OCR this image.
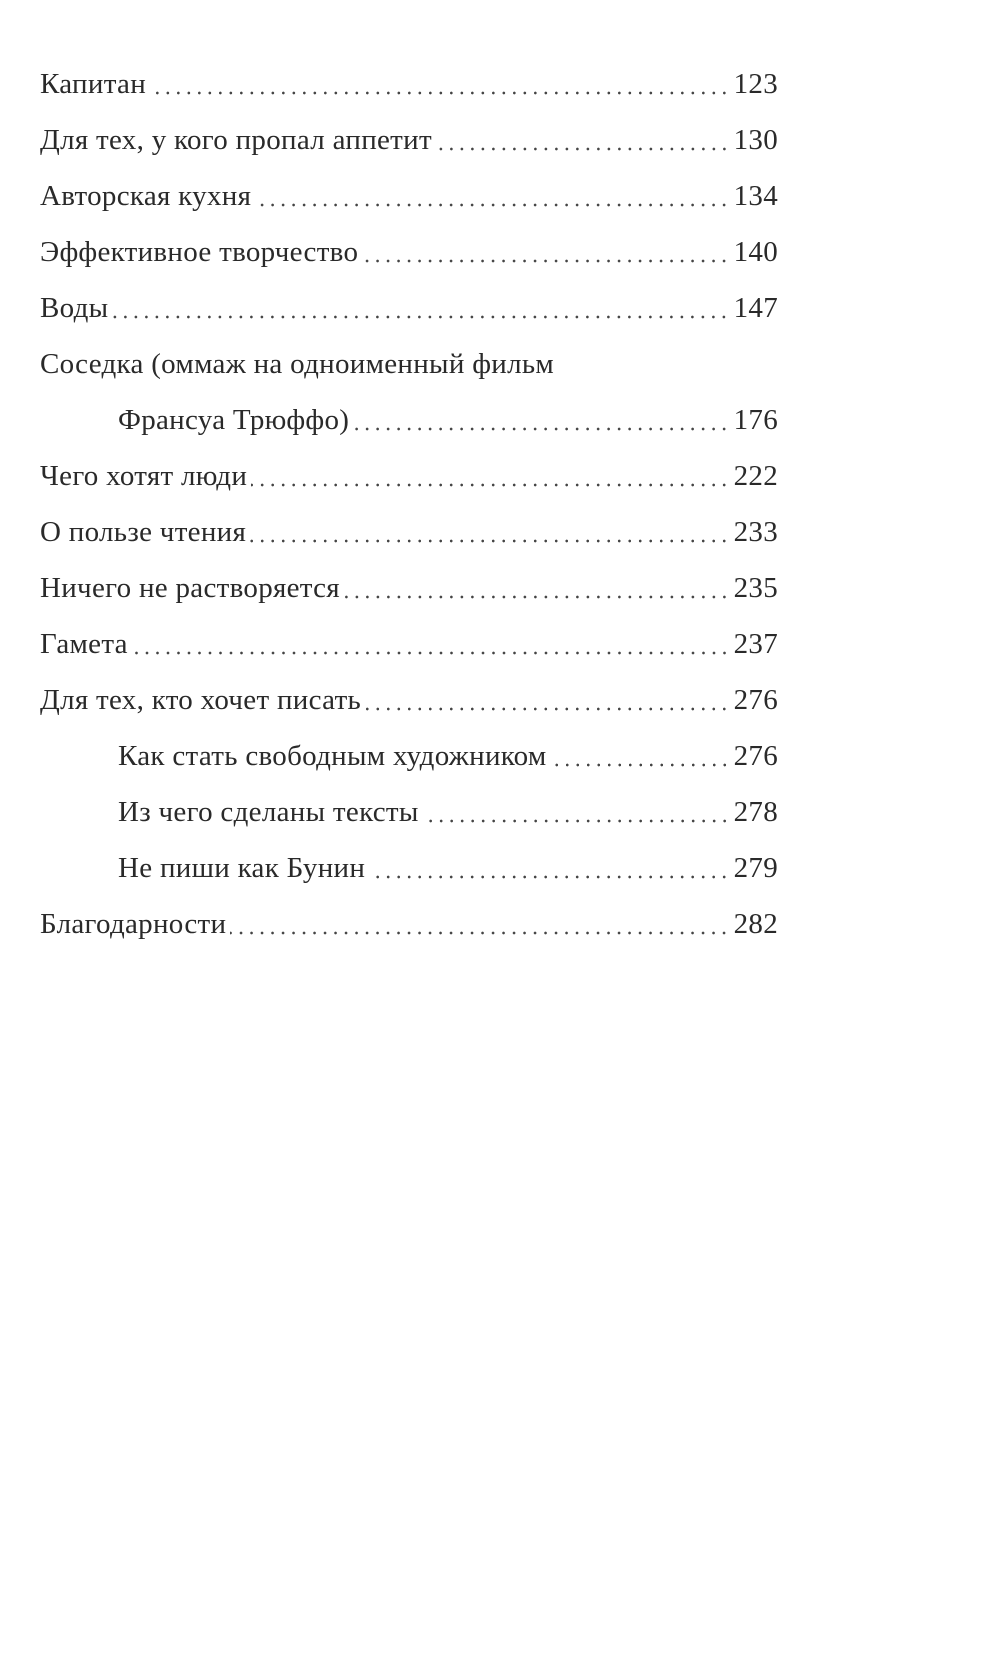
Капитан	123
Для тех, у кого пропал аппетит	130
Авторская кухня	134
Эффективное творчество	140
Воды	147
Соседка (оммаж на одноименный фильм
Франсуа Трюффо)	176
Чего хотят люди	222
О пользе чтения	233
Ничего не растворяется	235
Гамета	237
Для тех, кто хочет писать	276
Как стать свободным художником	276
Из чего сделаны тексты	278
Не пиши как Бунин	279
Благодарности	282
